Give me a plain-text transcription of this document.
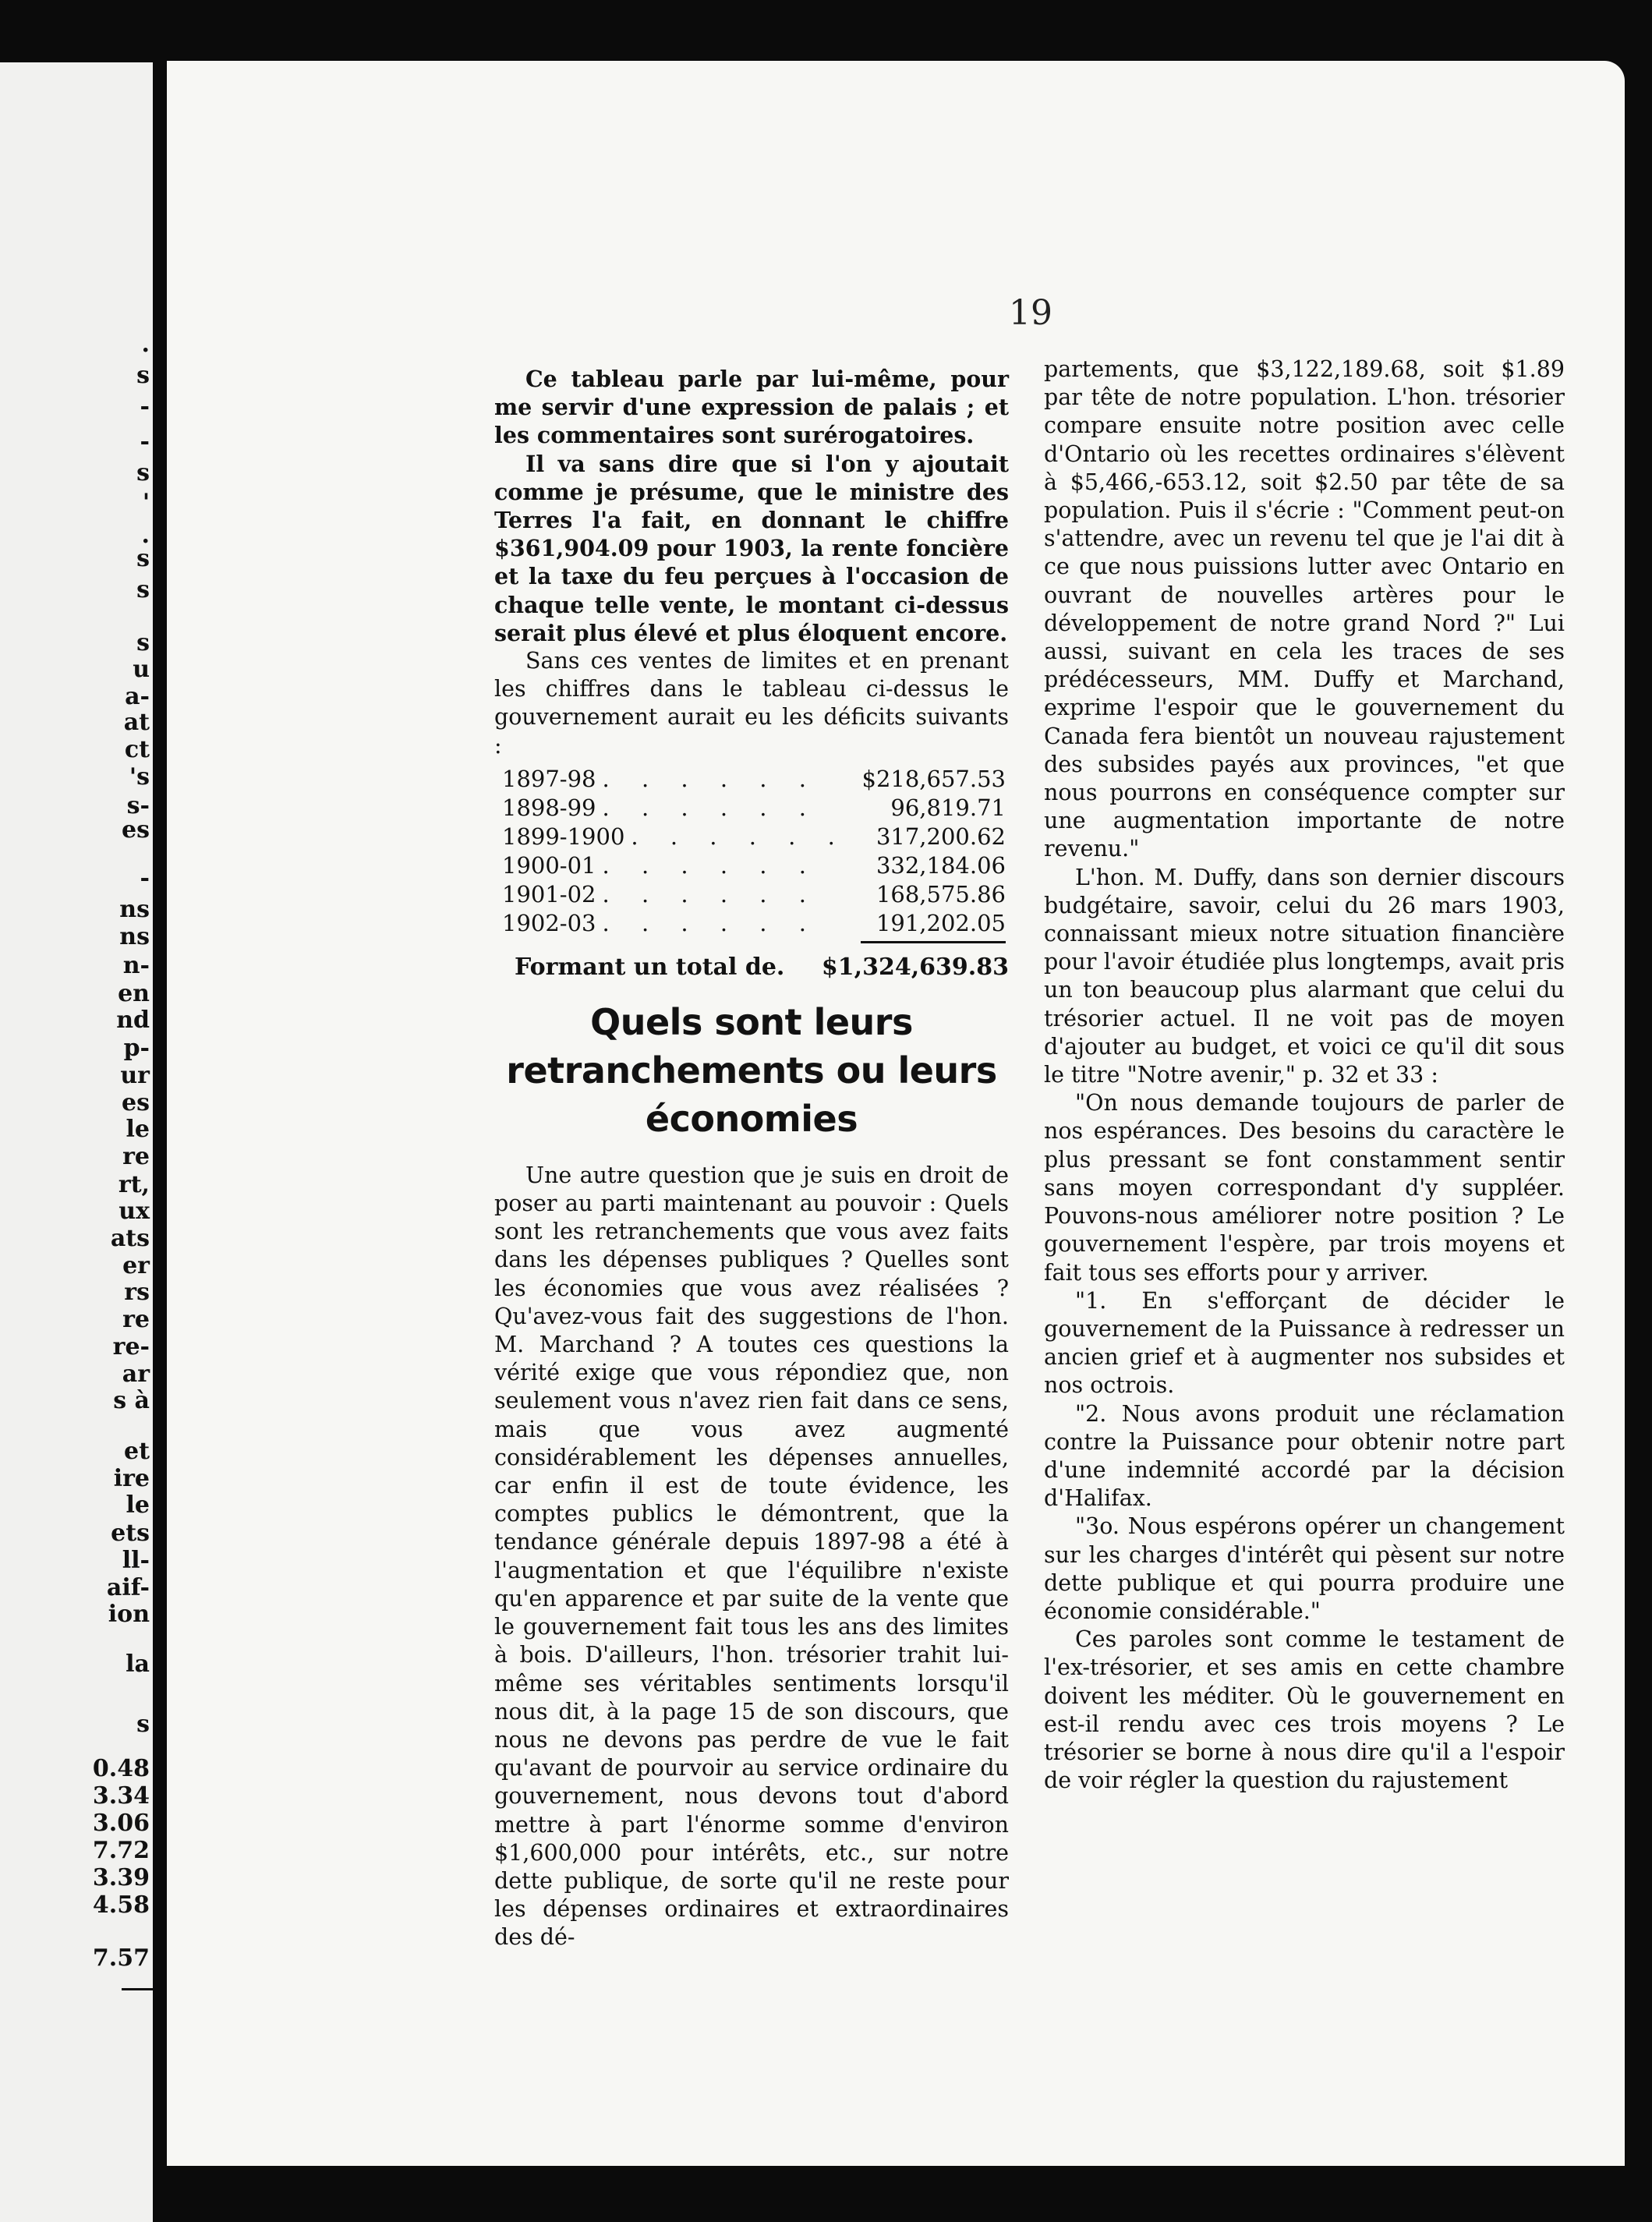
.
s
-
-
s
'
.
s
s
s
u
a-
at
ct
's
s-
es
-
ns
ns
n-
en
nd
p-
ur
es
le
re
rt,
ux
ats
er
rs
re
re-
ar
s à
et
ire
le
ets
ll-
aif-
ion
la
s
0.48
3.34
3.06
7.72
3.39
4.58
7.57
19

Ce tableau parle par lui-même, pour me servir d'une expression de palais ; et les commentaires sont surérogatoires.

Il va sans dire que si l'on y ajoutait comme je présume, que le ministre des Terres l'a fait, en donnant le chiffre $361,904.09 pour 1903, la rente foncière et la taxe du feu perçues à l'occasion de chaque telle vente, le montant ci-dessus serait plus élevé et plus éloquent encore.

Sans ces ventes de limites et en prenant les chiffres dans le tableau ci-dessus le gouvernement aurait eu les déficits suivants :

1897-98 . . . . . .	$218,657.53
1898-99 . . . . . .	96,819.71
1899-1900 . . . . . .	317,200.62
1900-01 . . . . . .	332,184.06
1901-02 . . . . . .	168,575.86
1902-03 . . . . . .	191,202.05
Formant un total de. $1,324,639.83
Quels sont leurs retranchements ou leurs économies

Une autre question que je suis en droit de poser au parti maintenant au pouvoir : Quels sont les retranchements que vous avez faits dans les dépenses publiques ? Quelles sont les économies que vous avez réalisées ? Qu'avez-vous fait des suggestions de l'hon. M. Marchand ? A toutes ces questions la vérité exige que vous répondiez que, non seulement vous n'avez rien fait dans ce sens, mais que vous avez augmenté considérablement les dépenses annuelles, car enfin il est de toute évidence, les comptes publics le démontrent, que la tendance générale depuis 1897-98 a été à l'augmentation et que l'équilibre n'existe qu'en apparence et par suite de la vente que le gouvernement fait tous les ans des limites à bois. D'ailleurs, l'hon. trésorier trahit lui-même ses véritables sentiments lorsqu'il nous dit, à la page 15 de son discours, que nous ne devons pas perdre de vue le fait qu'avant de pourvoir au service ordinaire du gouvernement, nous devons tout d'abord mettre à part l'énorme somme d'environ $1,600,000 pour intérêts, etc., sur notre dette publique, de sorte qu'il ne reste pour les dépenses ordinaires et extraordinaires des dé-

partements, que $3,122,189.68, soit $1.89 par tête de notre population. L'hon. trésorier compare ensuite notre position avec celle d'Ontario où les recettes ordinaires s'élèvent à $5,466,-653.12, soit $2.50 par tête de sa population. Puis il s'écrie : "Comment peut-on s'attendre, avec un revenu tel que je l'ai dit à ce que nous puissions lutter avec Ontario en ouvrant de nouvelles artères pour le développement de notre grand Nord ?" Lui aussi, suivant en cela les traces de ses prédécesseurs, MM. Duffy et Marchand, exprime l'espoir que le gouvernement du Canada fera bientôt un nouveau rajustement des subsides payés aux provinces, "et que nous pourrons en conséquence compter sur une augmentation importante de notre revenu."

L'hon. M. Duffy, dans son dernier discours budgétaire, savoir, celui du 26 mars 1903, connaissant mieux notre situation financière pour l'avoir étudiée plus longtemps, avait pris un ton beaucoup plus alarmant que celui du trésorier actuel. Il ne voit pas de moyen d'ajouter au budget, et voici ce qu'il dit sous le titre "Notre avenir," p. 32 et 33 :

"On nous demande toujours de parler de nos espérances. Des besoins du caractère le plus pressant se font constamment sentir sans moyen correspondant d'y suppléer. Pouvons-nous améliorer notre position ? Le gouvernement l'espère, par trois moyens et fait tous ses efforts pour y arriver.

"1. En s'efforçant de décider le gouvernement de la Puissance à redresser un ancien grief et à augmenter nos subsides et nos octrois.

"2. Nous avons produit une réclamation contre la Puissance pour obtenir notre part d'une indemnité accordé par la décision d'Halifax.

"3o. Nous espérons opérer un changement sur les charges d'intérêt qui pèsent sur notre dette publique et qui pourra produire une économie considérable."

Ces paroles sont comme le testament de l'ex-trésorier, et ses amis en cette chambre doivent les méditer. Où le gouvernement en est-il rendu avec ces trois moyens ? Le trésorier se borne à nous dire qu'il a l'espoir de voir régler la question du rajustement
